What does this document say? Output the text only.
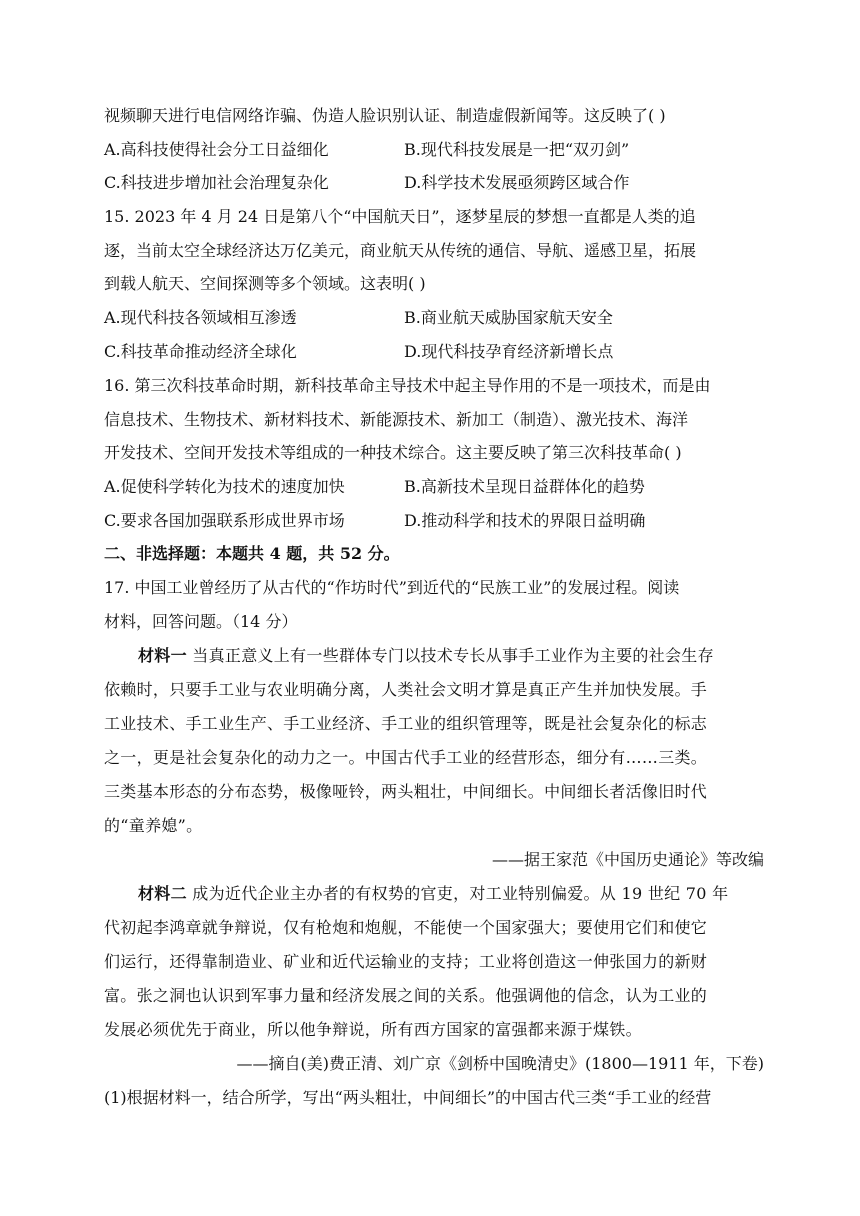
视频聊天进行电信网络诈骗、伪造人脸识别认证、制造虚假新闻等。这反映了( )
A.高科技使得社会分工日益细化	B.现代科技发展是一把“双刃剑”
C.科技进步增加社会治理复杂化	D.科学技术发展亟须跨区域合作
15. 2023 年 4 月 24 日是第八个“中国航天日”，逐梦星辰的梦想一直都是人类的追
逐，当前太空全球经济达万亿美元，商业航天从传统的通信、导航、遥感卫星，拓展
到载人航天、空间探测等多个领域。这表明( )
A.现代科技各领域相互渗透	B.商业航天威胁国家航天安全
C.科技革命推动经济全球化	D.现代科技孕育经济新增长点
16. 第三次科技革命时期，新科技革命主导技术中起主导作用的不是一项技术，而是由
信息技术、生物技术、新材料技术、新能源技术、新加工（制造）、激光技术、海洋
开发技术、空间开发技术等组成的一种技术综合。这主要反映了第三次科技革命( )
A.促使科学转化为技术的速度加快	B.高新技术呈现日益群体化的趋势
C.要求各国加强联系形成世界市场	D.推动科学和技术的界限日益明确
二、非选择题：本题共 4 题，共 52 分。
17. 中国工业曾经历了从古代的“作坊时代”到近代的“民族工业”的发展过程。阅读
材料，回答问题。（14 分）
材料一 当真正意义上有一些群体专门以技术专长从事手工业作为主要的社会生存
依赖时，只要手工业与农业明确分离，人类社会文明才算是真正产生并加快发展。手
工业技术、手工业生产、手工业经济、手工业的组织管理等，既是社会复杂化的标志
之一，更是社会复杂化的动力之一。中国古代手工业的经营形态，细分有……三类。
三类基本形态的分布态势，极像哑铃，两头粗壮，中间细长。中间细长者活像旧时代
的“童养媳”。
——据王家范《中国历史通论》等改编
材料二 成为近代企业主办者的有权势的官吏，对工业特别偏爱。从 19 世纪 70 年
代初起李鸿章就争辩说，仅有枪炮和炮舰，不能使一个国家强大；要使用它们和使它
们运行，还得靠制造业、矿业和近代运输业的支持；工业将创造这一伸张国力的新财
富。张之洞也认识到军事力量和经济发展之间的关系。他强调他的信念，认为工业的
发展必须优先于商业，所以他争辩说，所有西方国家的富强都来源于煤铁。
——摘自(美)费正清、刘广京《剑桥中国晚清史》(1800—1911 年，下卷)
(1)根据材料一，结合所学，写出“两头粗壮，中间细长”的中国古代三类“手工业的经营
